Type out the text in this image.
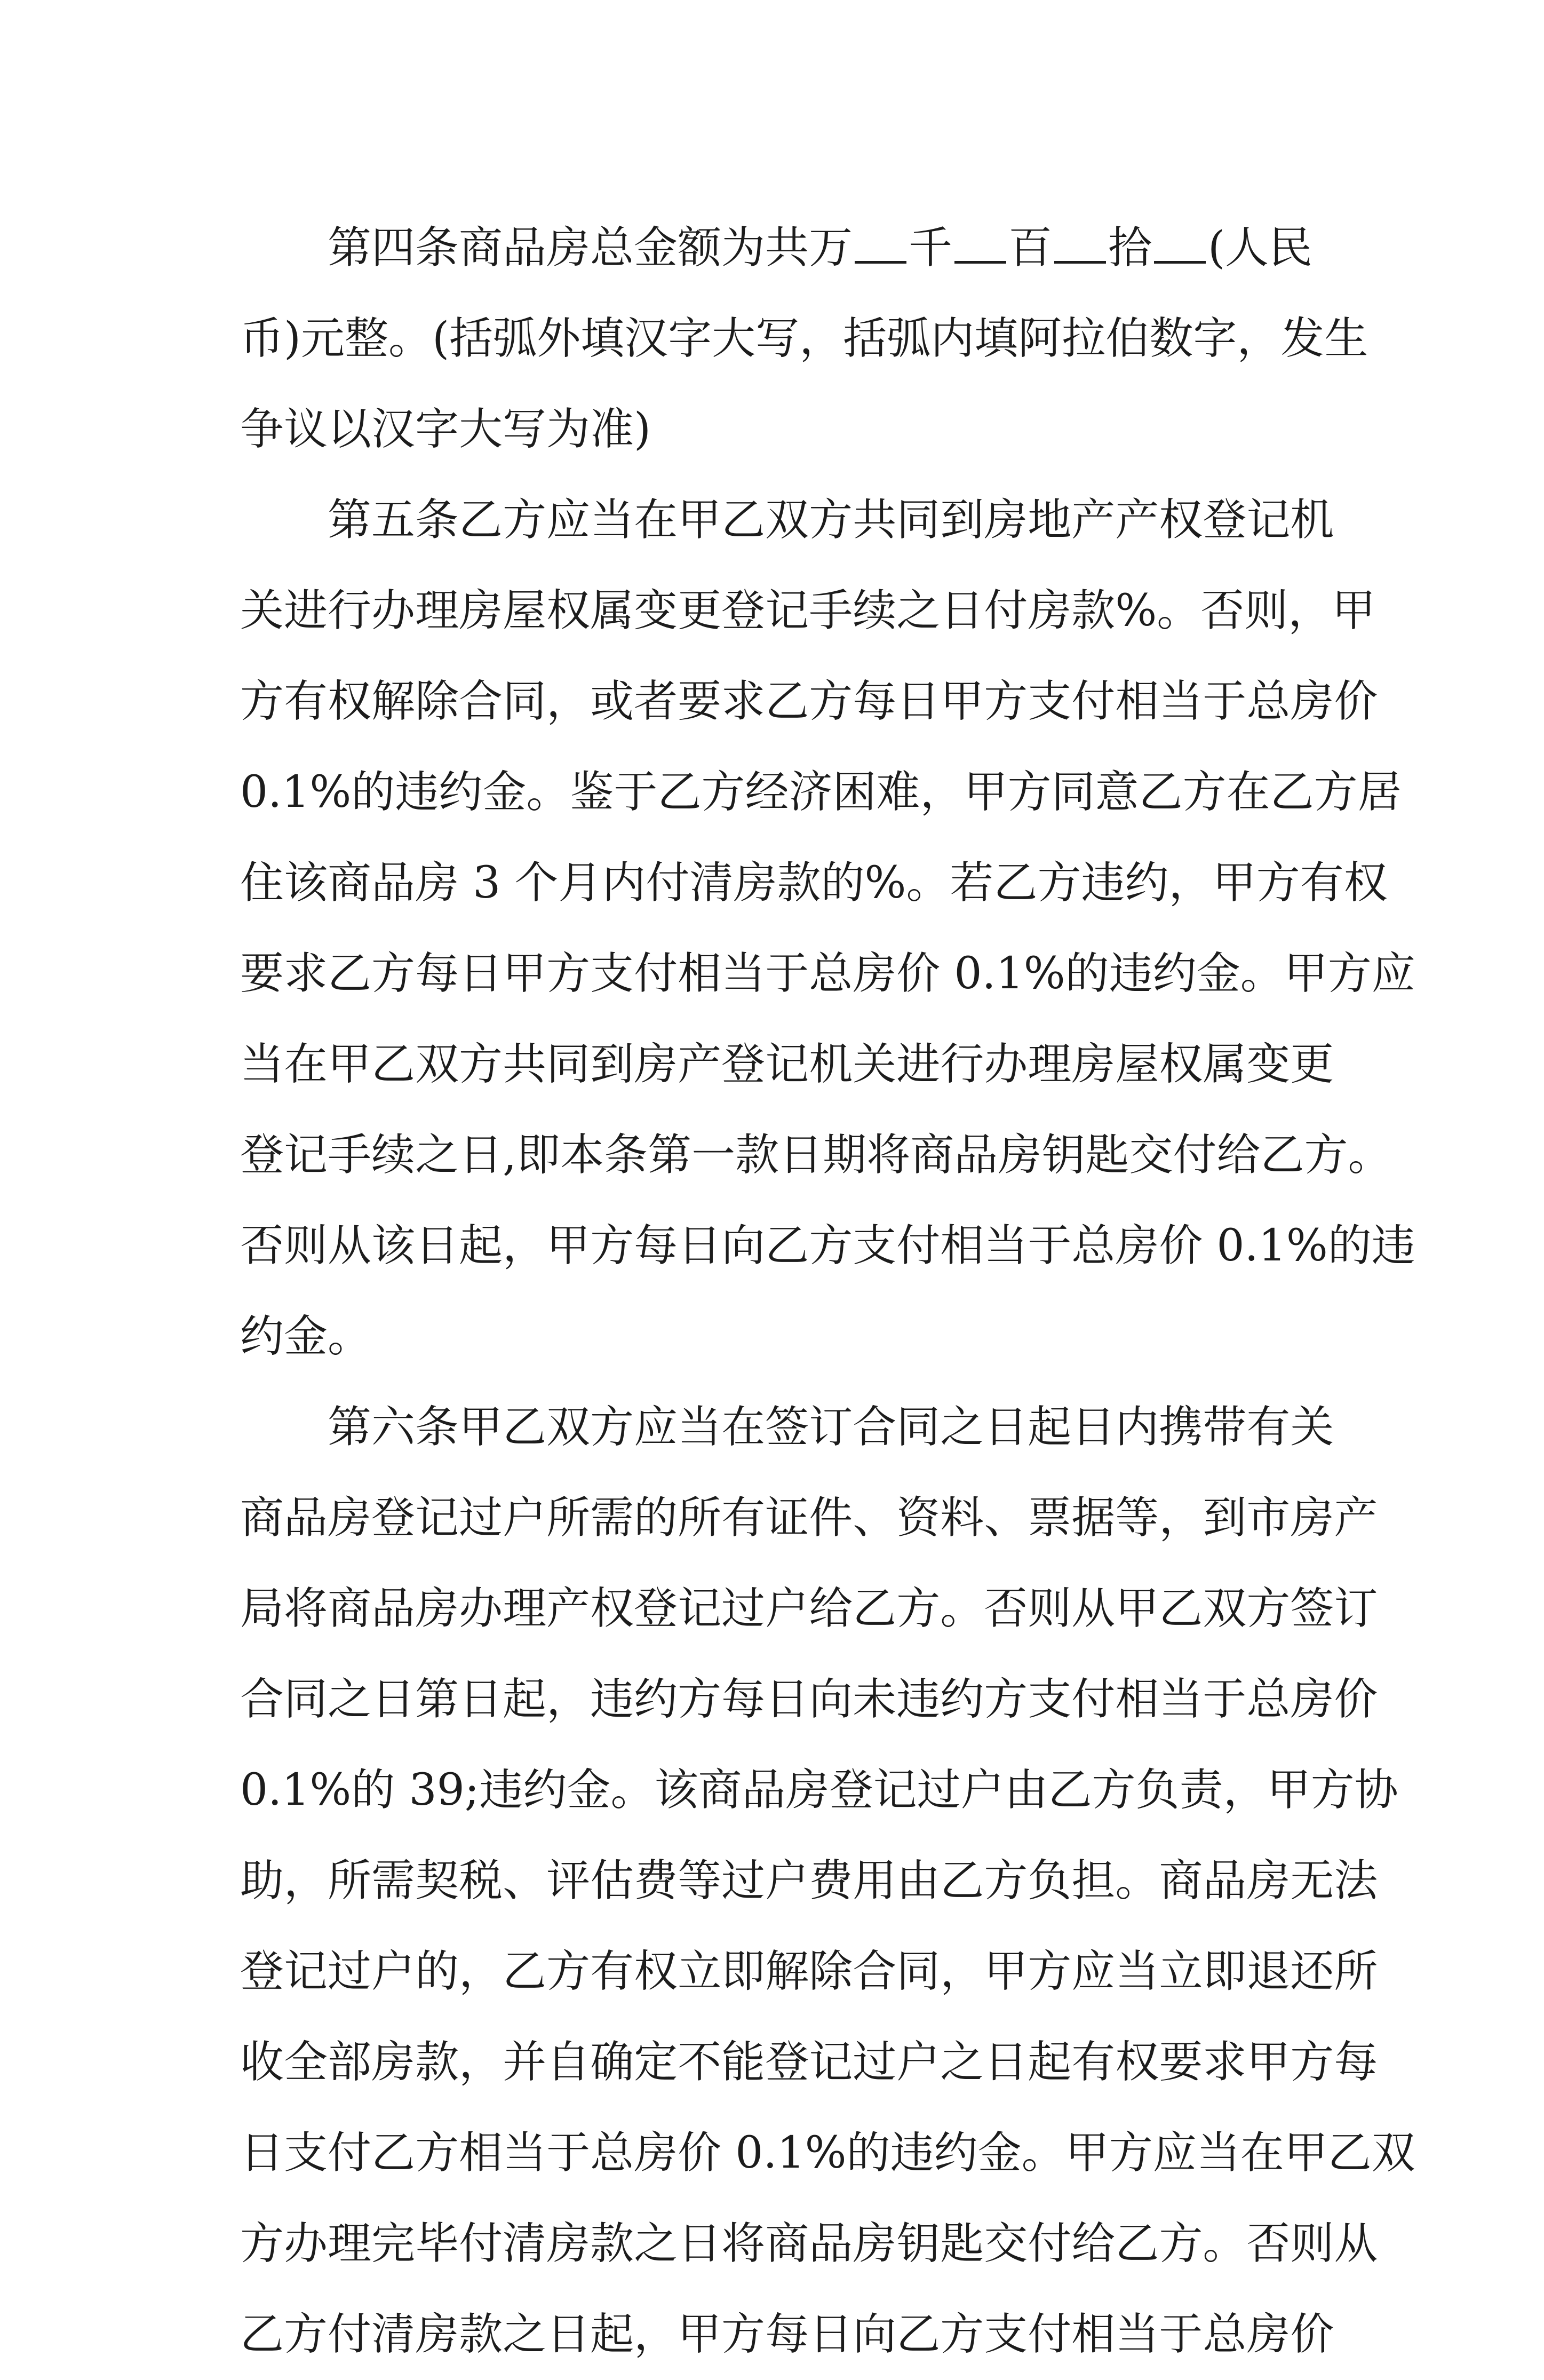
第四条商品房总金额为共万 千 百 拾 (人民
币 ) 元 整 。 ( 括 弧 外 填 汉 字 大 写 ， 括 弧 内 填 阿 拉 伯 数 字 ， 发 生
争议以汉字大写为准)
第 五 条 乙 方 应 当 在 甲 乙 双 方 共 同 到 房 地 产 产 权 登 记 机
关 进 行 办 理 房 屋 权 属 变 更 登 记 手 续 之 日 付 房 款 % 。 否 则 ， 甲
方 有 权 解 除 合 同 ， 或 者 要 求 乙 方 每 日 甲 方 支 付 相 当 于 总 房 价
0 . 1 % 的 违 约 金 。 鉴 于 乙 方 经 济 困 难 ， 甲 方 同 意 乙 方 在 乙 方 居
住 该 商 品 房
3
个 月 内 付 清 房 款 的 % 。 若 乙 方 违 约 ， 甲 方 有 权
要 求 乙 方 每 日 甲 方 支 付 相 当 于 总 房 价
0 . 1 % 的 违 约 金 。 甲 方 应
当 在 甲 乙 双 方 共 同 到 房 产 登 记 机 关 进 行 办 理 房 屋 权 属 变 更
登 记 手 续 之 日 , 即 本 条 第 一 款 日 期 将 商 品 房 钥 匙 交 付 给 乙 方 。
否 则 从 该 日 起 ， 甲 方 每 日 向 乙 方 支 付 相 当 于 总 房 价
0 . 1 % 的 违
约金。
第 六 条 甲 乙 双 方 应 当 在 签 订 合 同 之 日 起 日 内 携 带 有 关
商 品 房 登 记 过 户 所 需 的 所 有 证 件 、 资 料 、 票 据 等 ， 到 市 房 产
局 将 商 品 房 办 理 产 权 登 记 过 户 给 乙 方 。 否 则 从 甲 乙 双 方 签 订
合 同 之 日 第 日 起 ， 违 约 方 每 日 向 未 违 约 方 支 付 相 当 于 总 房 价
0 . 1 % 的
3 9 ; 违 约 金 。 该 商 品 房 登 记 过 户 由 乙 方 负 责 ， 甲 方 协
助 ， 所 需 契 税 、 评 估 费 等 过 户 费 用 由 乙 方 负 担 。 商 品 房 无 法
登 记 过 户 的 ， 乙 方 有 权 立 即 解 除 合 同 ， 甲 方 应 当 立 即 退 还 所
收 全 部 房 款 ， 并 自 确 定 不 能 登 记 过 户 之 日 起 有 权 要 求 甲 方 每
日 支 付 乙 方 相 当 于 总 房 价
0 . 1 % 的 违 约 金 。 甲 方 应 当 在 甲 乙 双
方 办 理 完 毕 付 清 房 款 之 日 将 商 品 房 钥 匙 交 付 给 乙 方 。 否 则 从
乙 方 付 清 房 款 之 日 起 ， 甲 方 每 日 向 乙 方 支 付 相 当 于 总 房 价
